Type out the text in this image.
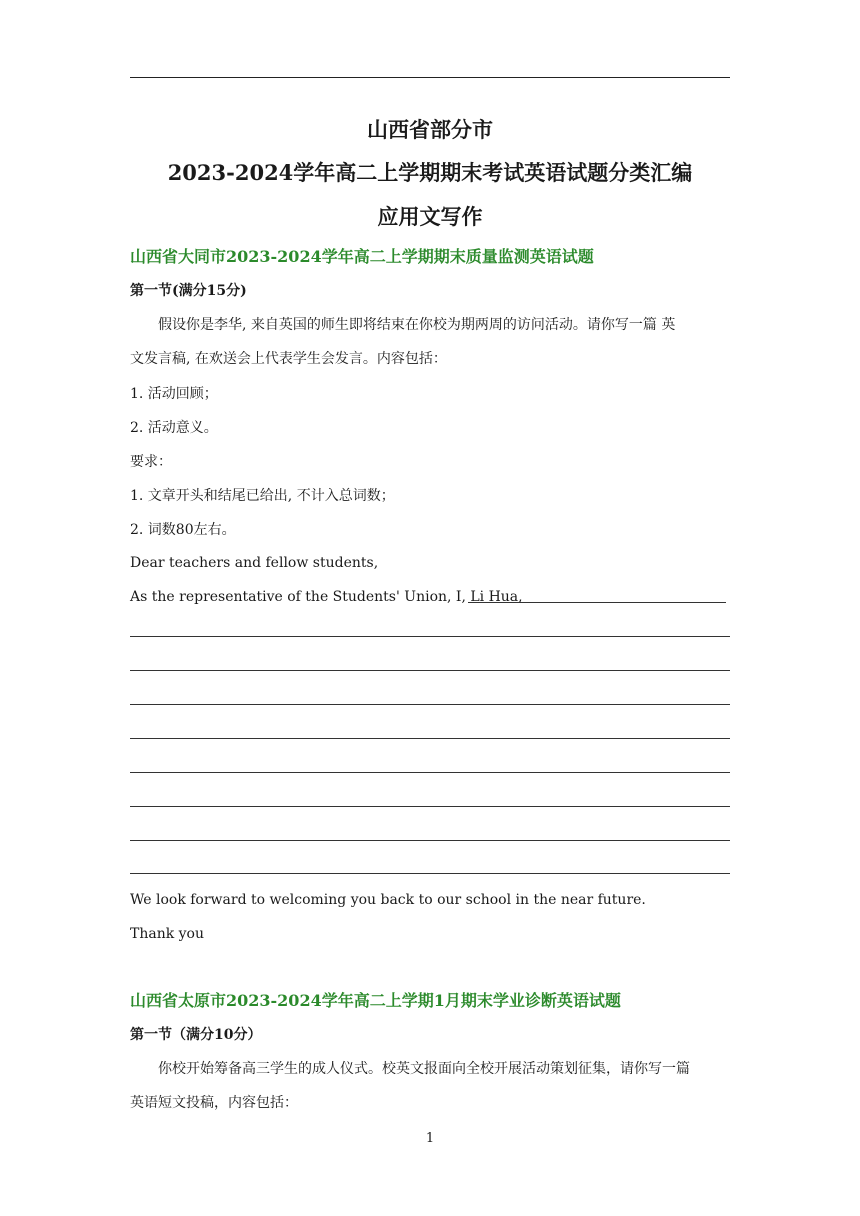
山西省部分市
2023-2024学年高二上学期期末考试英语试题分类汇编
应用文写作
山西省大同市2023-2024学年高二上学期期末质量监测英语试题
第一节(满分15分)
假设你是李华, 来自英国的师生即将结束在你校为期两周的访问活动。请你写一篇 英
文发言稿, 在欢送会上代表学生会发言。内容包括：
1. 活动回顾；
2. 活动意义。
要求：
1. 文章开头和结尾已给出, 不计入总词数；
2. 词数80左右。
Dear teachers and fellow students,
As the representative of the Students' Union, I, Li Hua,
We look forward to welcoming you back to our school in the near future.
Thank you
山西省太原市2023-2024学年高二上学期1月期末学业诊断英语试题
第一节（满分10分）
你校开始筹备高三学生的成人仪式。校英文报面向全校开展活动策划征集，请你写一篇
英语短文投稿，内容包括：
1
